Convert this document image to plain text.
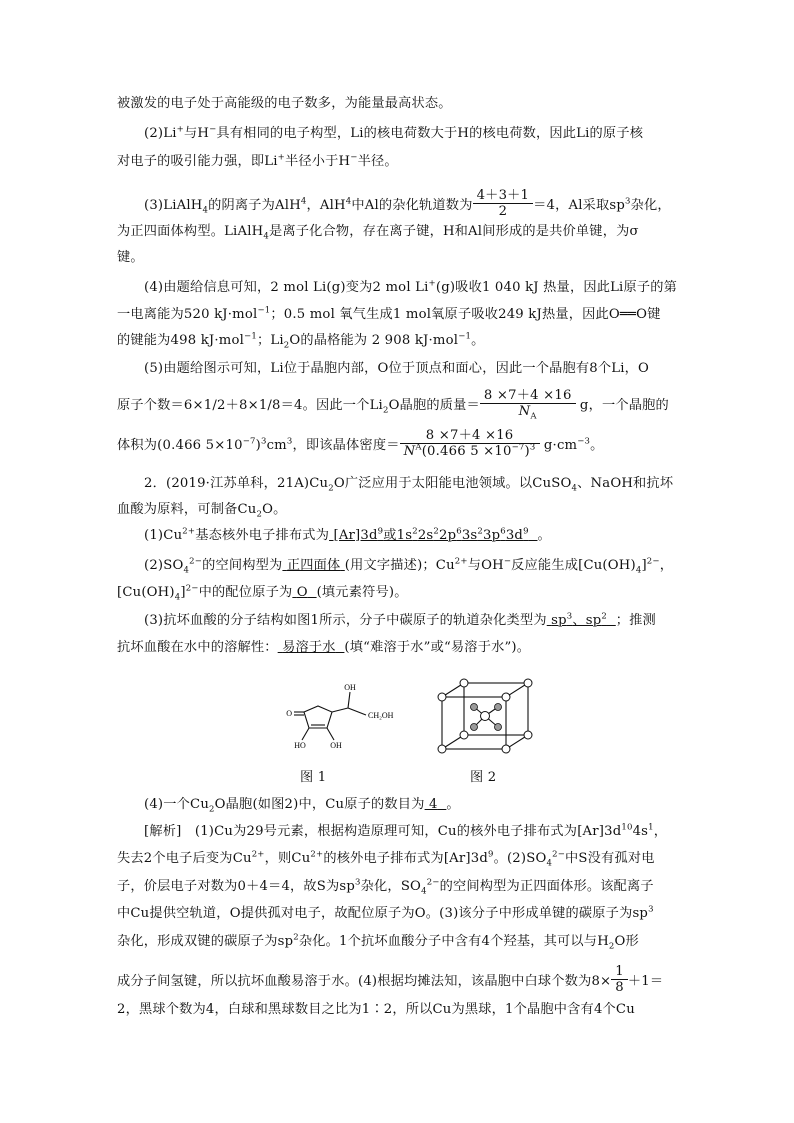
被激发的电子处于高能级的电子数多，为能量最高状态。
(2)Li+与H−具有相同的电子构型，Li的核电荷数大于H的核电荷数，因此Li的原子核
对电子的吸引能力强，即Li+半径小于H−半径。
(3)LiAlH$_4$的阴离子为AlH$^4$，AlH$^4$中Al的杂化轨道数为 $\frac{4+3+1}{2} =4$，Al采取$sp^3$杂化，
为正四面体构型。LiAlH$_4$是离子化合物，存在离子键，H和Al间形成的是共价单键，为σ
键。
(4)由题给信息可知，2 mol Li(g)变为2 mol Li+(g)吸收1 040 kJ 热量，因此Li原子的第
一电离能为520 kJ·mol$^{-1}$；0.5 mol 氧气生成1 mol氧原子吸收249 kJ热量，因此O══O键
的键能为498 kJ·mol$^{-1}$；$Li_2O$的晶格能为 2 908 kJ·mol$^{-1}$。
(5)由题给图示可知，Li位于晶胞内部，O位于顶点和面心，因此一个晶胞有8个Li，O
原子个数＝6×1/2＋8×1/8＝4。因此一个$Li_2O$晶胞的质量＝ $\frac{8 \times 7+4 \times 16}{N_A}$ g，一个晶胞的
体积为(0.466 $5\times 10^{-7})^3cm^3$，即该晶体密度＝ $\frac{8 \times 7+4 \times 16}{N^A(0.466 5 \times 10^{-7})^3} g\cdot cm^{-3}$。
2．(2019·江苏单科，$21A)Cu_2O$广泛应用于太阳能电池领域。以CuSO$_4$、NaOH和抗坏
血酸为原料，可制备$Cu_2O$。
$(1)Cu^{2+}$基态核外电子排布式为 $[Ar]3d^9$或$1s^22s^22p^63s^23p^63d^9$ 。
$(2)SO_4^{2-}$的空间构型为 正四面体 (用文字描述)；$Cu^{2+}$与OH−反应能生成$[Cu(OH)_4]^{2-}$，
$[Cu(OH)_4]^{2-}$中的配位原子为 O (填元素符号)。
(3)抗坏血酸的分子结构如图1所示，分子中碳原子的轨道杂化类型为 $sp^3$、$sp^2$ ；推测
抗坏血酸在水中的溶解性： 易溶于水 (填“难溶于水”或“易溶于水”)。
O
OH
CH₂OH
HO	OH
图 1	图 2
(4)一个$Cu_2O$晶胞(如图2)中，Cu原子的数目为 4 。
[解析]　(1)Cu为29号元素，根据构造原理可知，Cu的核外电子排布式为$[Ar]3d^{10}4s^1$，
失去2个电子后变为$Cu^{2+}$，则$Cu^{2+}$的核外电子排布式为$[Ar]3d^9$。$(2)SO_4^{2-}$中S没有孤对电
子，价层电子对数为0＋4＝4，故S为$sp^3$杂化，$SO_4^{2-}$的空间构型为正四面体形。该配离子
中Cu提供空轨道，O提供孤对电子，故配位原子为O。(3)该分子中形成单键的碳原子为$sp^3$
杂化，形成双键的碳原子为$sp^2$杂化。1个抗坏血酸分子中含有4个羟基，其可以与$H_2O$形
成分子间氢键，所以抗坏血酸易溶于水。(4)根据均摊法知，该晶胞中白球个数为$8\times \frac{1}{8} +1=$
2，黑球个数为4，白球和黑球数目之比为1∶2，所以Cu为黑球，1个晶胞中含有4个Cu
